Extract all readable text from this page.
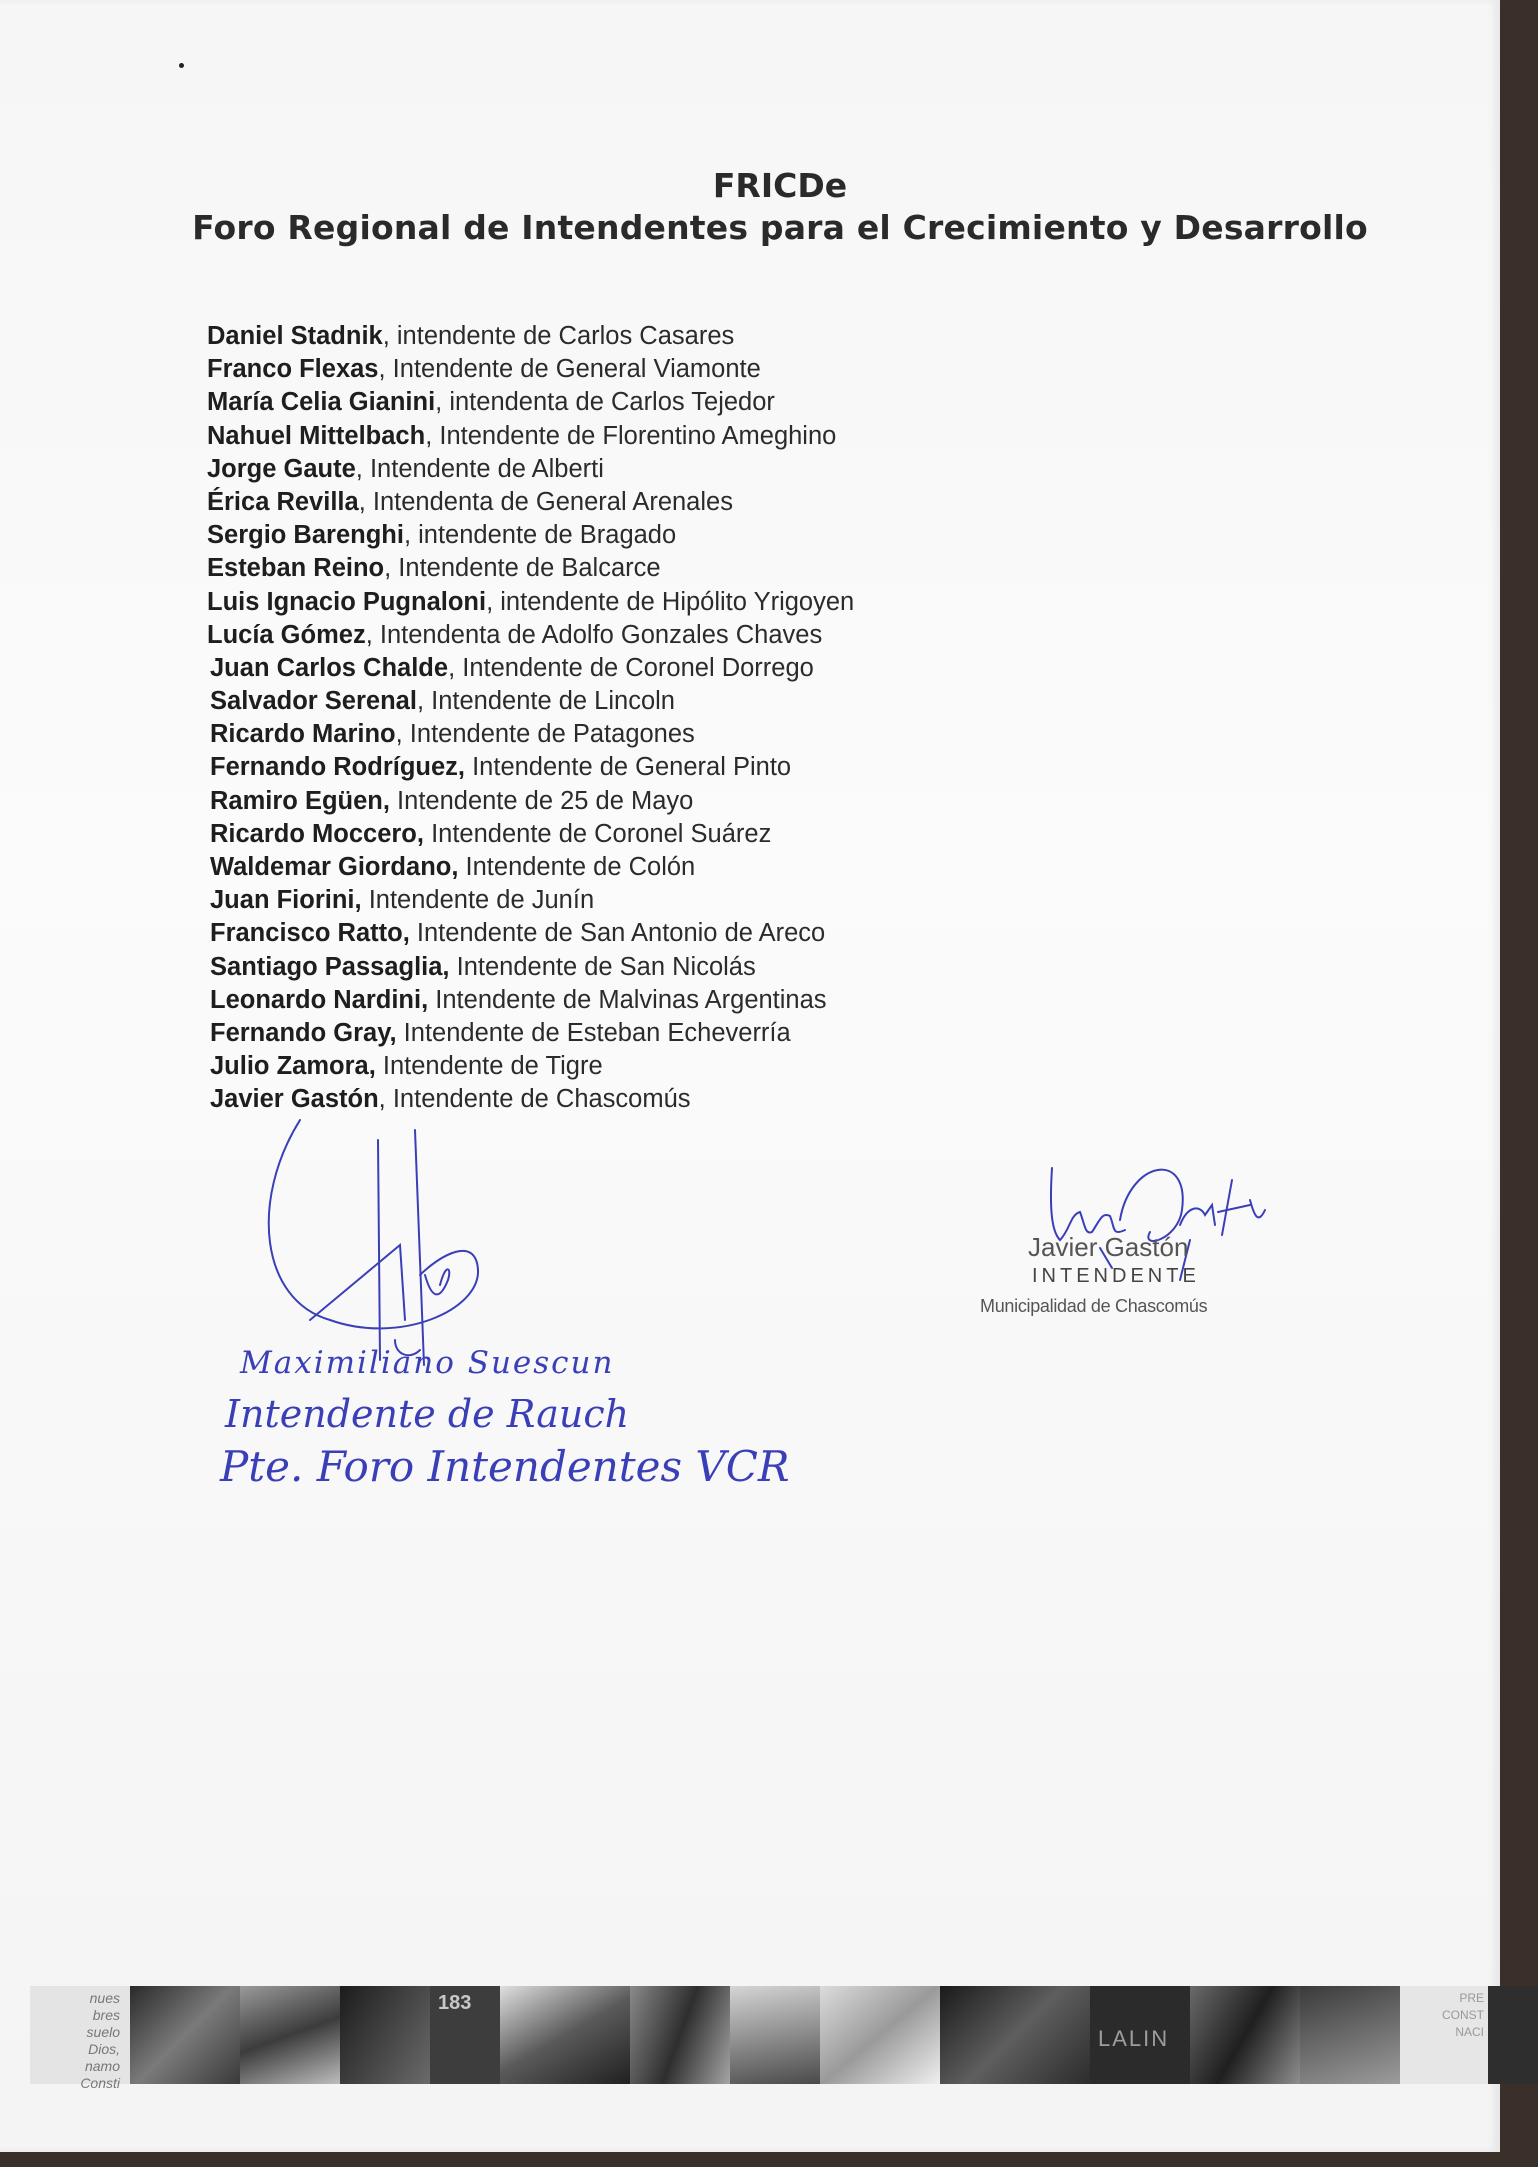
FRICDe
Foro Regional de Intendentes para el Crecimiento y Desarrollo
Daniel Stadnik, intendente de Carlos Casares
Franco Flexas, Intendente de General Viamonte
María Celia Gianini, intendenta de Carlos Tejedor
Nahuel Mittelbach, Intendente de Florentino Ameghino
Jorge Gaute, Intendente de Alberti
Érica Revilla, Intendenta de General Arenales
Sergio Barenghi, intendente de Bragado
Esteban Reino, Intendente de Balcarce
Luis Ignacio Pugnaloni, intendente de Hipólito Yrigoyen
Lucía Gómez, Intendenta de Adolfo Gonzales Chaves
Juan Carlos Chalde, Intendente de Coronel Dorrego
Salvador Serenal, Intendente de Lincoln
Ricardo Marino, Intendente de Patagones
Fernando Rodríguez, Intendente de General Pinto
Ramiro Egüen, Intendente de 25 de Mayo
Ricardo Moccero, Intendente de Coronel Suárez
Waldemar Giordano, Intendente de Colón
Juan Fiorini, Intendente de Junín
Francisco Ratto, Intendente de San Antonio de Areco
Santiago Passaglia, Intendente de San Nicolás
Leonardo Nardini, Intendente de Malvinas Argentinas
Fernando Gray, Intendente de Esteban Echeverría
Julio Zamora, Intendente de Tigre
Javier Gastón, Intendente de Chascomús
Javier Gastón
INTENDENTE
Municipalidad de Chascomús
Maximiliano Suescun
Intendente de Rauch
Pte. Foro Intendentes VCR
nues
bres
suelo
Dios,
namo
Consti
183
LALIN
PRE
CONST
NACI
